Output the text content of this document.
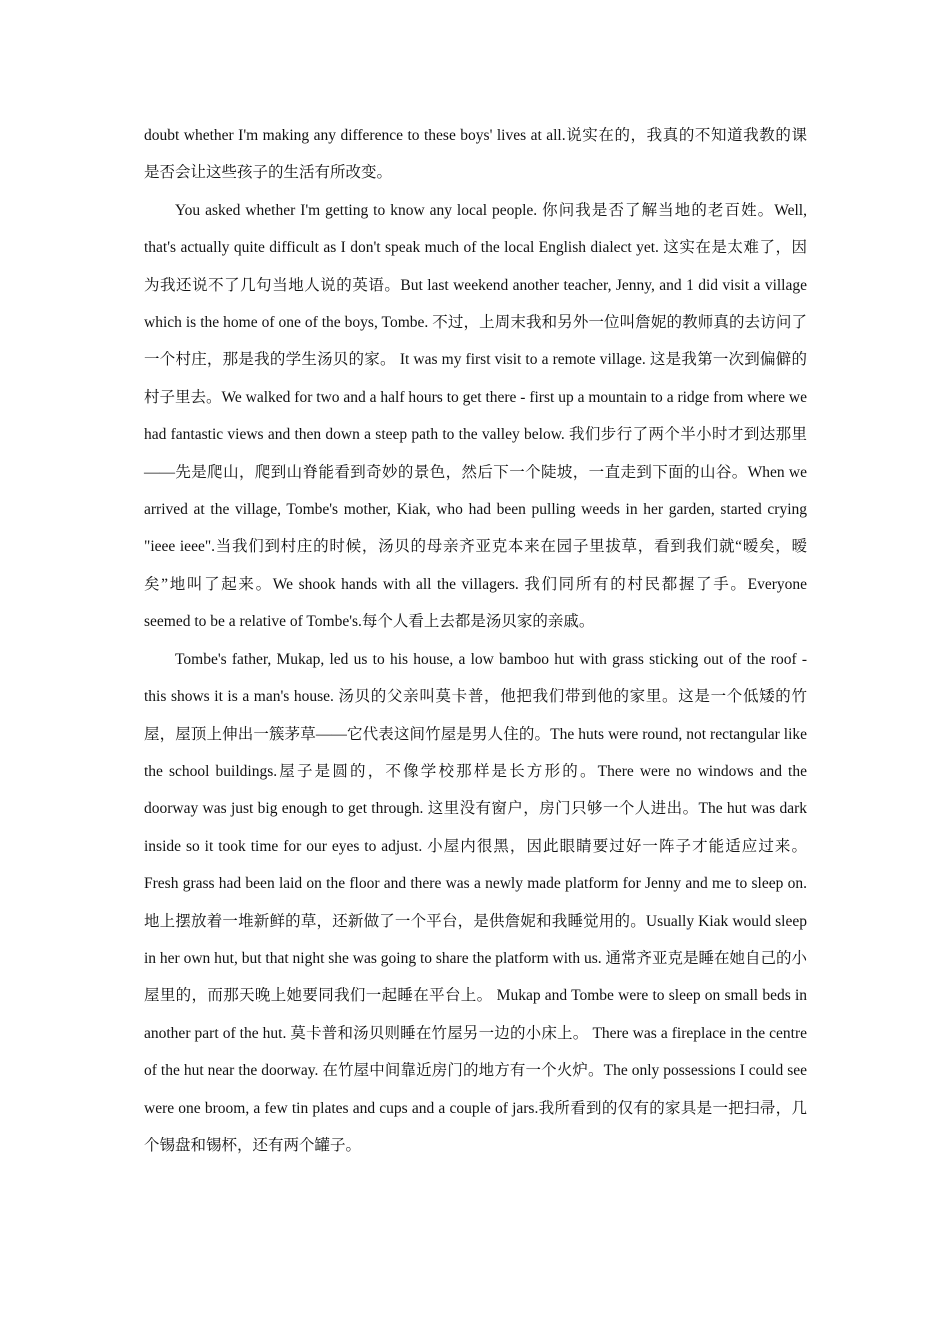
doubt whether I'm making any difference to these boys' lives at all.说实在的，我真的不知道我教的课是否会让这些孩子的生活有所改变。

You asked whether I'm getting to know any local people. 你问我是否了解当地的老百姓。Well, that's actually quite difficult as I don't speak much of the local English dialect yet. 这实在是太难了，因为我还说不了几句当地人说的英语。But last weekend another teacher, Jenny, and 1 did visit a village which is the home of one of the boys, Tombe. 不过，上周末我和另外一位叫詹妮的教师真的去访问了一个村庄，那是我的学生汤贝的家。 It was my first visit to a remote village. 这是我第一次到偏僻的村子里去。We walked for two and a half hours to get there - first up a mountain to a ridge from where we had fantastic views and then down a steep path to the valley below. 我们步行了两个半小时才到达那里——先是爬山，爬到山脊能看到奇妙的景色，然后下一个陡坡，一直走到下面的山谷。When we arrived at the village, Tombe's mother, Kiak, who had been pulling weeds in her garden, started crying "ieee ieee".当我们到村庄的时候，汤贝的母亲齐亚克本来在园子里拔草，看到我们就“暧矣，暧矣”地叫了起来。We shook hands with all the villagers. 我们同所有的村民都握了手。Everyone seemed to be a relative of Tombe's.每个人看上去都是汤贝家的亲戚。

Tombe's father, Mukap, led us to his house, a low bamboo hut with grass sticking out of the roof - this shows it is a man's house. 汤贝的父亲叫莫卡普，他把我们带到他的家里。这是一个低矮的竹屋，屋顶上伸出一簇茅草——它代表这间竹屋是男人住的。The huts were round, not rectangular like the school buildings.屋子是圆的，不像学校那样是长方形的。There were no windows and the doorway was just big enough to get through. 这里没有窗户，房门只够一个人进出。The hut was dark inside so it took time for our eyes to adjust. 小屋内很黑，因此眼睛要过好一阵子才能适应过来。Fresh grass had been laid on the floor and there was a newly made platform for Jenny and me to sleep on. 地上摆放着一堆新鲜的草，还新做了一个平台，是供詹妮和我睡觉用的。Usually Kiak would sleep in her own hut, but that night she was going to share the platform with us. 通常齐亚克是睡在她自己的小屋里的，而那天晚上她要同我们一起睡在平台上。 Mukap and Tombe were to sleep on small beds in another part of the hut. 莫卡普和汤贝则睡在竹屋另一边的小床上。 There was a fireplace in the centre of the hut near the doorway. 在竹屋中间靠近房门的地方有一个火炉。The only possessions I could see were one broom, a few tin plates and cups and a couple of jars.我所看到的仅有的家具是一把扫帚，几个锡盘和锡杯，还有两个罐子。
